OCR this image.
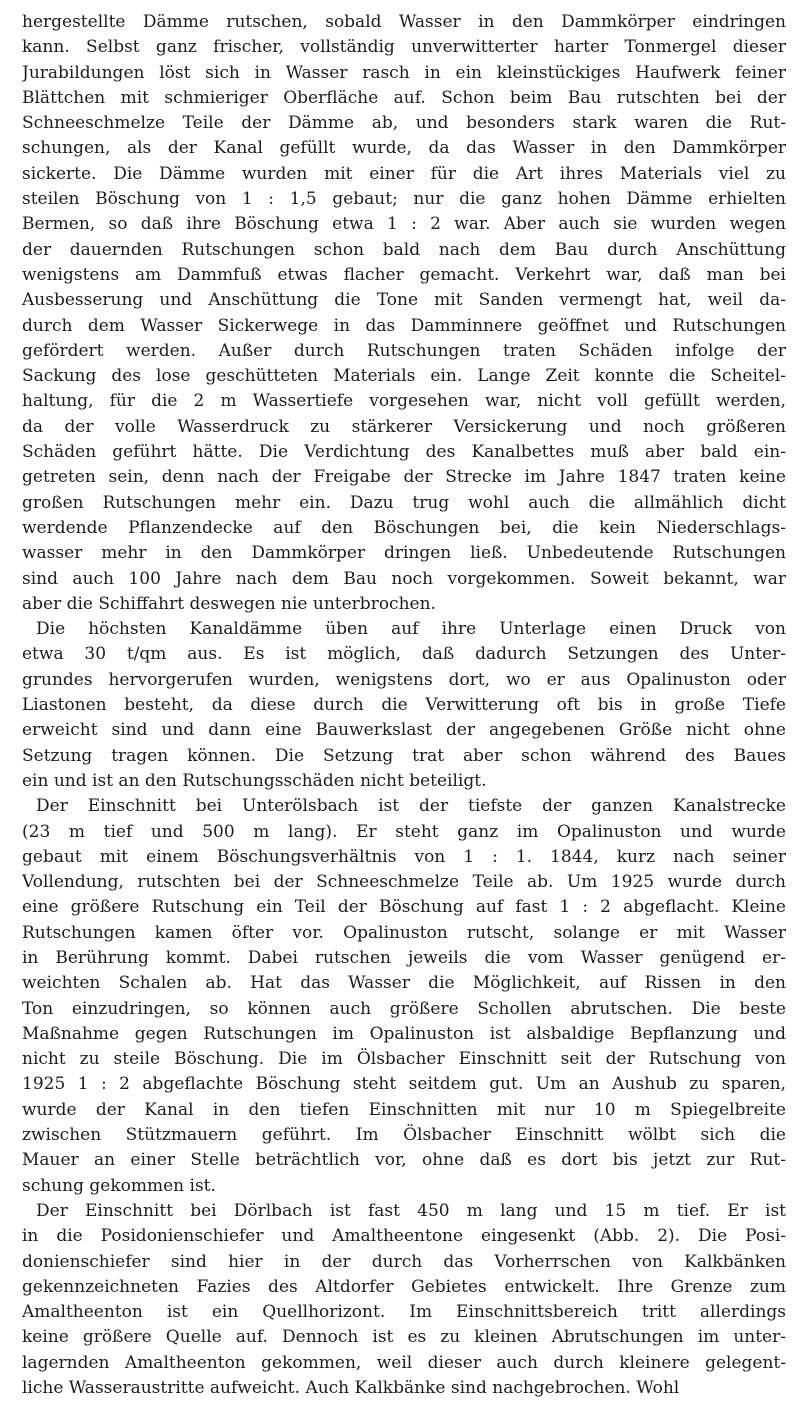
hergestellte Dämme rutschen, sobald Wasser in den Dammkörper eindringen
kann. Selbst ganz frischer, vollständig unverwitterter harter Tonmergel dieser
Jurabildungen löst sich in Wasser rasch in ein kleinstückiges Haufwerk feiner
Blättchen mit schmieriger Oberfläche auf. Schon beim Bau rutschten bei der
Schneeschmelze Teile der Dämme ab, und besonders stark waren die Rut-
schungen, als der Kanal gefüllt wurde, da das Wasser in den Dammkörper
sickerte. Die Dämme wurden mit einer für die Art ihres Materials viel zu
steilen Böschung von 1 : 1,5 gebaut; nur die ganz hohen Dämme erhielten
Bermen, so daß ihre Böschung etwa 1 : 2 war. Aber auch sie wurden wegen
der dauernden Rutschungen schon bald nach dem Bau durch Anschüttung
wenigstens am Dammfuß etwas flacher gemacht. Verkehrt war, daß man bei
Ausbesserung und Anschüttung die Tone mit Sanden vermengt hat, weil da-
durch dem Wasser Sickerwege in das Damminnere geöffnet und Rutschungen
gefördert werden. Außer durch Rutschungen traten Schäden infolge der
Sackung des lose geschütteten Materials ein. Lange Zeit konnte die Scheitel-
haltung, für die 2 m Wassertiefe vorgesehen war, nicht voll gefüllt werden,
da der volle Wasserdruck zu stärkerer Versickerung und noch größeren
Schäden geführt hätte. Die Verdichtung des Kanalbettes muß aber bald ein-
getreten sein, denn nach der Freigabe der Strecke im Jahre 1847 traten keine
großen Rutschungen mehr ein. Dazu trug wohl auch die allmählich dicht
werdende Pflanzendecke auf den Böschungen bei, die kein Niederschlags-
wasser mehr in den Dammkörper dringen ließ. Unbedeutende Rutschungen
sind auch 100 Jahre nach dem Bau noch vorgekommen. Soweit bekannt, war
aber die Schiffahrt deswegen nie unterbrochen.

Die höchsten Kanaldämme üben auf ihre Unterlage einen Druck von
etwa 30 t/qm aus. Es ist möglich, daß dadurch Setzungen des Unter-
grundes hervorgerufen wurden, wenigstens dort, wo er aus Opalinuston oder
Liastonen besteht, da diese durch die Verwitterung oft bis in große Tiefe
erweicht sind und dann eine Bauwerkslast der angegebenen Größe nicht ohne
Setzung tragen können. Die Setzung trat aber schon während des Baues
ein und ist an den Rutschungsschäden nicht beteiligt.

Der Einschnitt bei Unterölsbach ist der tiefste der ganzen Kanalstrecke
(23 m tief und 500 m lang). Er steht ganz im Opalinuston und wurde
gebaut mit einem Böschungsverhältnis von 1 : 1. 1844, kurz nach seiner
Vollendung, rutschten bei der Schneeschmelze Teile ab. Um 1925 wurde durch
eine größere Rutschung ein Teil der Böschung auf fast 1 : 2 abgeflacht. Kleine
Rutschungen kamen öfter vor. Opalinuston rutscht, solange er mit Wasser
in Berührung kommt. Dabei rutschen jeweils die vom Wasser genügend er-
weichten Schalen ab. Hat das Wasser die Möglichkeit, auf Rissen in den
Ton einzudringen, so können auch größere Schollen abrutschen. Die beste
Maßnahme gegen Rutschungen im Opalinuston ist alsbaldige Bepflanzung und
nicht zu steile Böschung. Die im Ölsbacher Einschnitt seit der Rutschung von
1925 1 : 2 abgeflachte Böschung steht seitdem gut. Um an Aushub zu sparen,
wurde der Kanal in den tiefen Einschnitten mit nur 10 m Spiegelbreite
zwischen Stützmauern geführt. Im Ölsbacher Einschnitt wölbt sich die
Mauer an einer Stelle beträchtlich vor, ohne daß es dort bis jetzt zur Rut-
schung gekommen ist.

Der Einschnitt bei Dörlbach ist fast 450 m lang und 15 m tief. Er ist
in die Posidonienschiefer und Amaltheentone eingesenkt (Abb. 2). Die Posi-
donienschiefer sind hier in der durch das Vorherrschen von Kalkbänken
gekennzeichneten Fazies des Altdorfer Gebietes entwickelt. Ihre Grenze zum
Amaltheenton ist ein Quellhorizont. Im Einschnittsbereich tritt allerdings
keine größere Quelle auf. Dennoch ist es zu kleinen Abrutschungen im unter-
lagernden Amaltheenton gekommen, weil dieser auch durch kleinere gelegent-
liche Wasseraustritte aufweicht. Auch Kalkbänke sind nachgebrochen. Wohl
